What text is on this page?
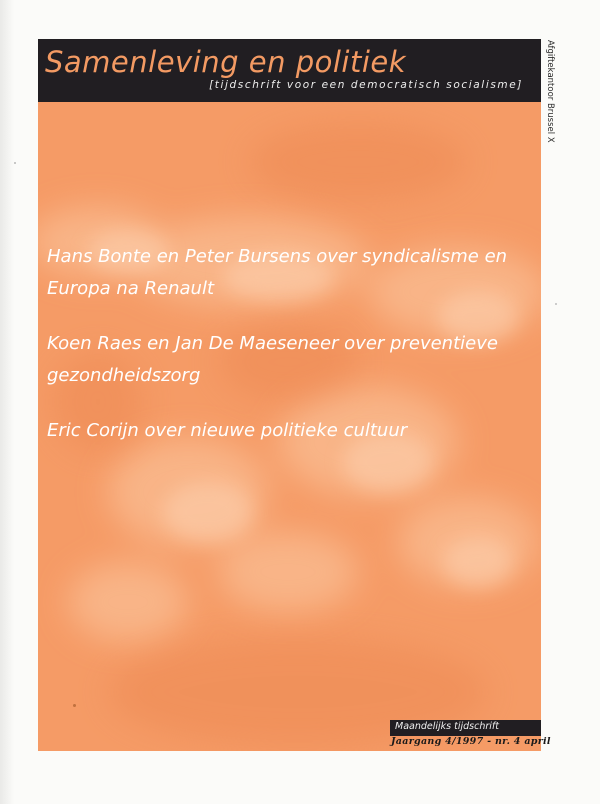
Samenleving en politiek
[tijdschrift voor een democratisch socialisme]

Hans Bonte en Peter Bursens over syndicalisme en Europa na Renault

Koen Raes en Jan De Maeseneer over preventieve gezondheidszorg

Eric Corijn over nieuwe politieke cultuur

Maandelijks tijdschrift
Jaargang 4/1997 - nr. 4 april
Afgiftekantoor Brussel X
